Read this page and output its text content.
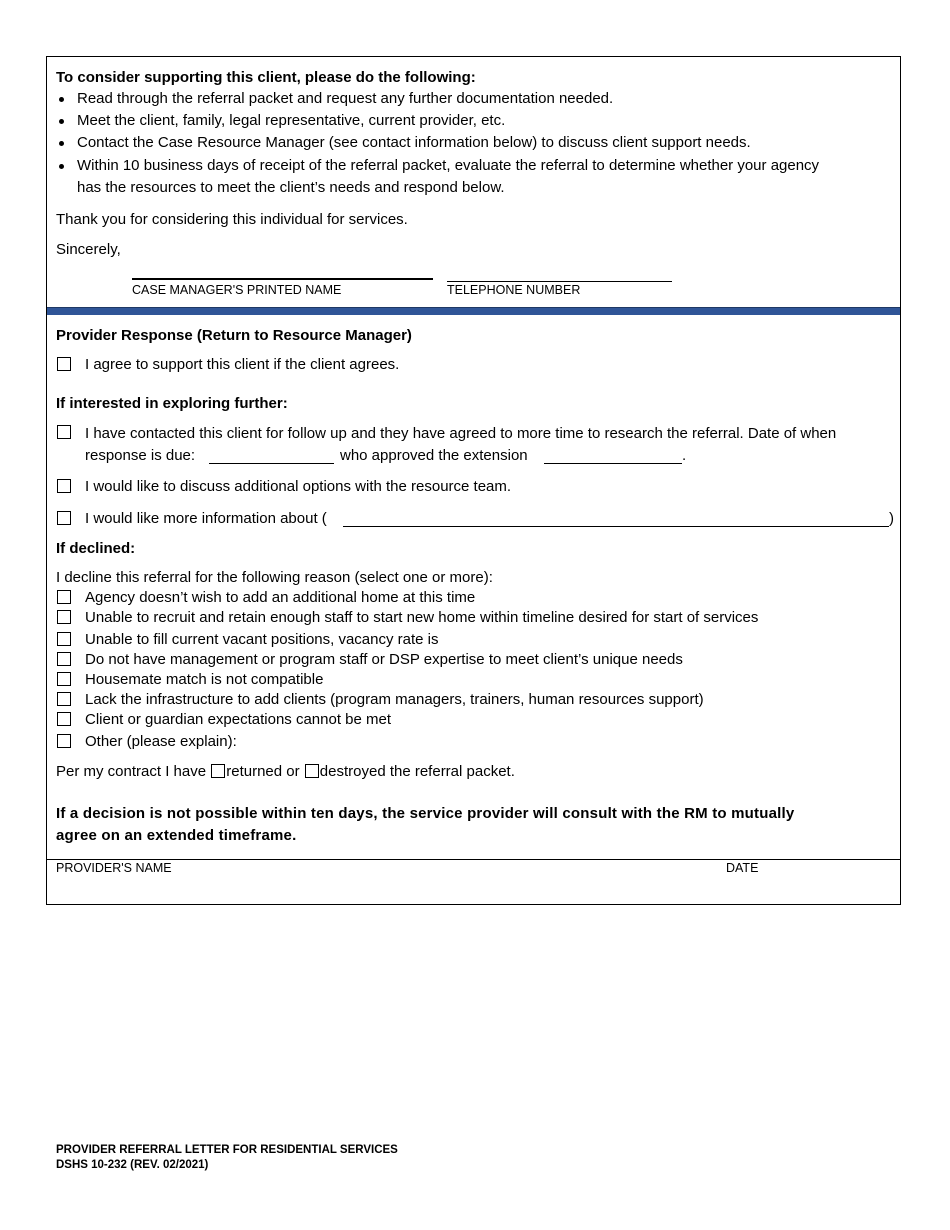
To consider supporting this client, please do the following:
Read through the referral packet and request any further documentation needed.
Meet the client, family, legal representative, current provider, etc.
Contact the Case Resource Manager (see contact information below) to discuss client support needs.
Within 10 business days of receipt of the referral packet, evaluate the referral to determine whether your agency
has the resources to meet the client’s needs and respond below.
Thank you for considering this individual for services.
Sincerely,
CASE MANAGER'S PRINTED NAME	TELEPHONE NUMBER
Provider Response (Return to Resource Manager)
I agree to support this client if the client agrees.
If interested in exploring further:
I have contacted this client for follow up and they have agreed to more time to research the referral. Date of when
response is due:	who approved the extension	.
I would like to discuss additional options with the resource team.
I would like more information about (	)
If declined:
I decline this referral for the following reason (select one or more):
Agency doesn’t wish to add an additional home at this time
Unable to recruit and retain enough staff to start new home within timeline desired for start of services
Unable to fill current vacant positions, vacancy rate is
Do not have management or program staff or DSP expertise to meet client’s unique needs
Housemate match is not compatible
Lack the infrastructure to add clients (program managers, trainers, human resources support)
Client or guardian expectations cannot be met
Other (please explain):
Per my contract I have returned or destroyed the referral packet.
If a decision is not possible within ten days, the service provider will consult with the RM to mutually
agree on an extended timeframe.
PROVIDER'S NAME	DATE
PROVIDER REFERRAL LETTER FOR RESIDENTIAL SERVICES
DSHS 10-232 (REV. 02/2021)
